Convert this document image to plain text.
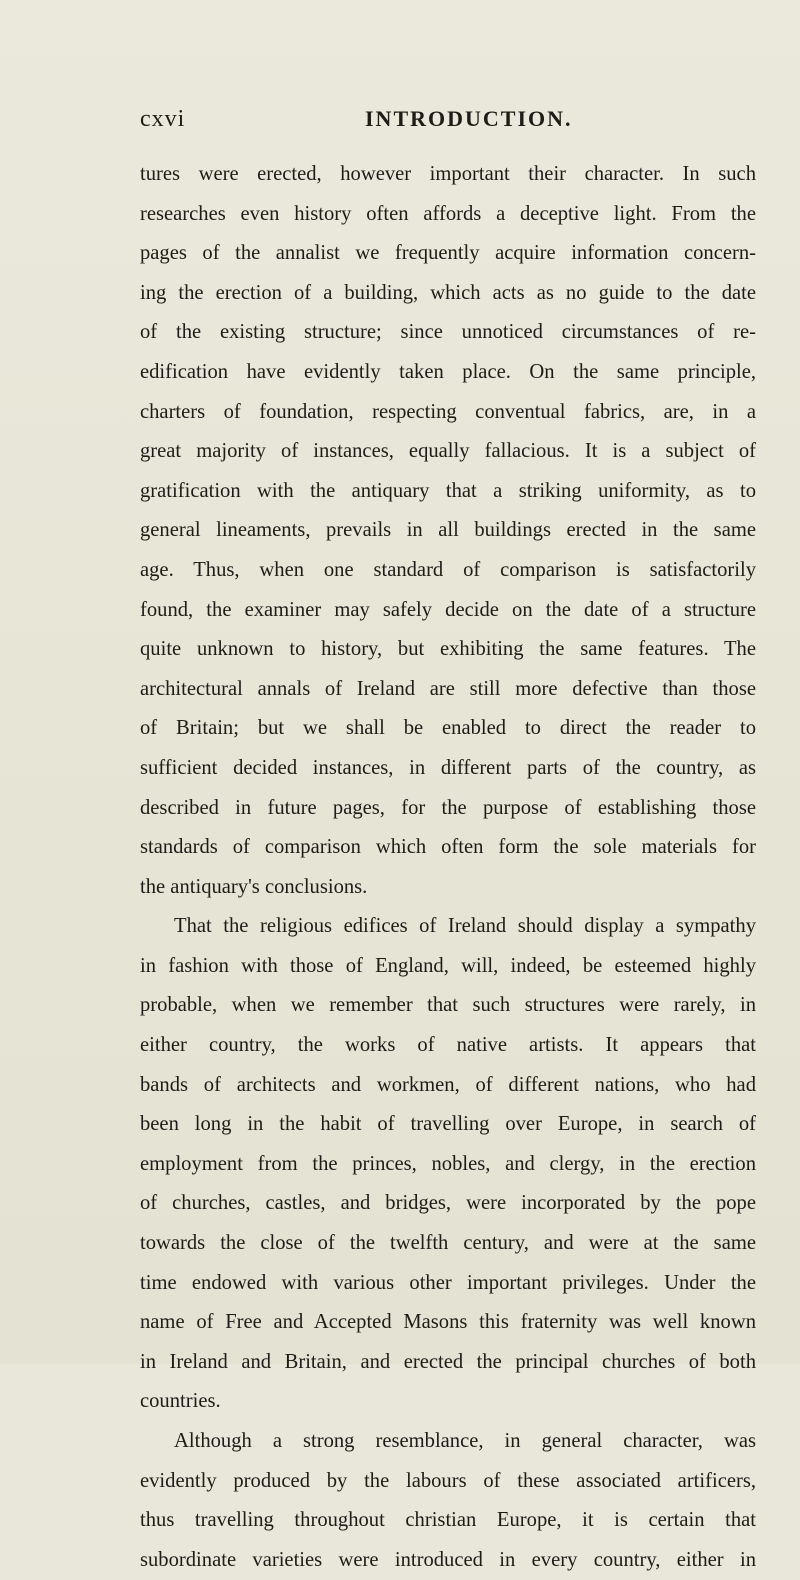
cxvi	INTRODUCTION.
tures were erected, however important their character. In such
researches even history often affords a deceptive light. From the
pages of the annalist we frequently acquire information concern-
ing the erection of a building, which acts as no guide to the date
of the existing structure; since unnoticed circumstances of re-
edification have evidently taken place. On the same principle,
charters of foundation, respecting conventual fabrics, are, in a
great majority of instances, equally fallacious. It is a subject of
gratification with the antiquary that a striking uniformity, as to
general lineaments, prevails in all buildings erected in the same
age. Thus, when one standard of comparison is satisfactorily
found, the examiner may safely decide on the date of a structure
quite unknown to history, but exhibiting the same features. The
architectural annals of Ireland are still more defective than those
of Britain; but we shall be enabled to direct the reader to
sufficient decided instances, in different parts of the country, as
described in future pages, for the purpose of establishing those
standards of comparison which often form the sole materials for
the antiquary's conclusions.
That the religious edifices of Ireland should display a sympathy
in fashion with those of England, will, indeed, be esteemed highly
probable, when we remember that such structures were rarely, in
either country, the works of native artists. It appears that
bands of architects and workmen, of different nations, who had
been long in the habit of travelling over Europe, in search of
employment from the princes, nobles, and clergy, in the erection
of churches, castles, and bridges, were incorporated by the pope
towards the close of the twelfth century, and were at the same
time endowed with various other important privileges. Under the
name of Free and Accepted Masons this fraternity was well known
in Ireland and Britain, and erected the principal churches of both
countries.
Although a strong resemblance, in general character, was
evidently produced by the labours of these associated artificers,
thus travelling throughout christian Europe, it is certain that
subordinate varieties were introduced in every country, either in
